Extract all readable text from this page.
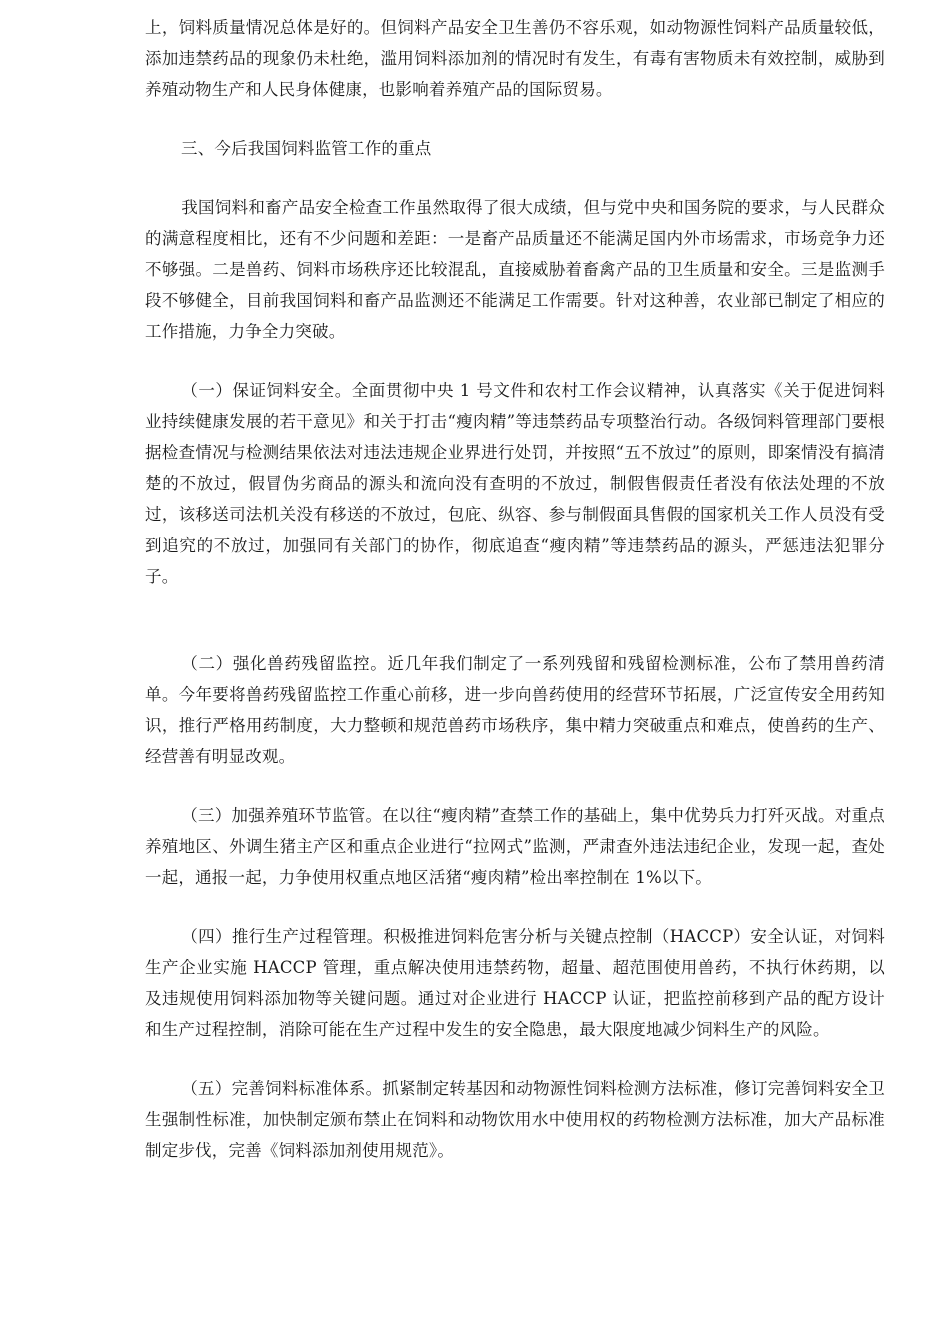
上，饲料质量情况总体是好的。但饲料产品安全卫生善仍不容乐观，如动物源性饲料产品质量较低，添加违禁药品的现象仍未杜绝，滥用饲料添加剂的情况时有发生，有毒有害物质未有效控制，威胁到养殖动物生产和人民身体健康，也影响着养殖产品的国际贸易。

三、今后我国饲料监管工作的重点

我国饲料和畜产品安全检查工作虽然取得了很大成绩，但与党中央和国务院的要求，与人民群众的满意程度相比，还有不少问题和差距：一是畜产品质量还不能满足国内外市场需求，市场竞争力还不够强。二是兽药、饲料市场秩序还比较混乱，直接威胁着畜禽产品的卫生质量和安全。三是监测手段不够健全，目前我国饲料和畜产品监测还不能满足工作需要。针对这种善，农业部已制定了相应的工作措施，力争全力突破。

（一）保证饲料安全。全面贯彻中央 1 号文件和农村工作会议精神，认真落实《关于促进饲料业持续健康发展的若干意见》和关于打击“瘦肉精”等违禁药品专项整治行动。各级饲料管理部门要根据检查情况与检测结果依法对违法违规企业界进行处罚，并按照“五不放过”的原则，即案情没有搞清楚的不放过，假冒伪劣商品的源头和流向没有查明的不放过，制假售假责任者没有依法处理的不放过，该移送司法机关没有移送的不放过，包庇、纵容、参与制假面具售假的国家机关工作人员没有受到追究的不放过，加强同有关部门的协作，彻底追查“瘦肉精”等违禁药品的源头，严惩违法犯罪分子。

（二）强化兽药残留监控。近几年我们制定了一系列残留和残留检测标准，公布了禁用兽药清单。今年要将兽药残留监控工作重心前移，进一步向兽药使用的经营环节拓展，广泛宣传安全用药知识，推行严格用药制度，大力整顿和规范兽药市场秩序，集中精力突破重点和难点，使兽药的生产、经营善有明显改观。

（三）加强养殖环节监管。在以往“瘦肉精”查禁工作的基础上，集中优势兵力打歼灭战。对重点养殖地区、外调生猪主产区和重点企业进行“拉网式”监测，严肃查外违法违纪企业，发现一起，查处一起，通报一起，力争使用权重点地区活猪“瘦肉精”检出率控制在 1%以下。

（四）推行生产过程管理。积极推进饲料危害分析与关键点控制（HACCP）安全认证，对饲料生产企业实施 HACCP 管理，重点解决使用违禁药物，超量、超范围使用兽药，不执行休药期，以及违规使用饲料添加物等关键问题。通过对企业进行 HACCP 认证，把监控前移到产品的配方设计和生产过程控制，消除可能在生产过程中发生的安全隐患，最大限度地减少饲料生产的风险。

（五）完善饲料标准体系。抓紧制定转基因和动物源性饲料检测方法标准，修订完善饲料安全卫生强制性标准，加快制定颁布禁止在饲料和动物饮用水中使用权的药物检测方法标准，加大产品标准制定步伐，完善《饲料添加剂使用规范》。
